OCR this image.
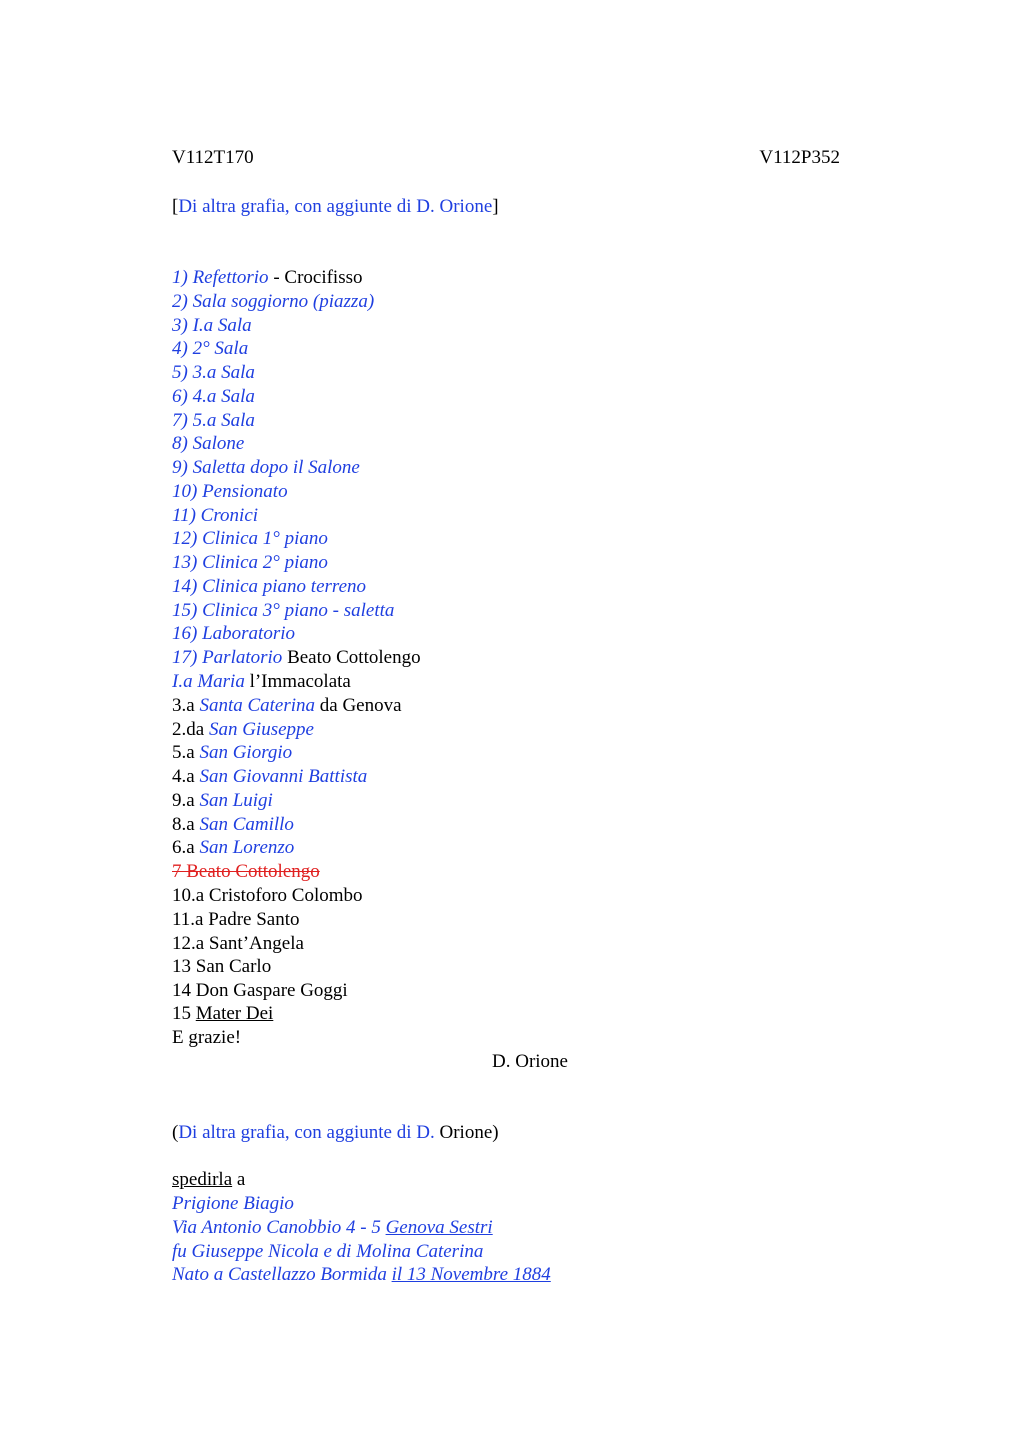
V112T170	V112P352
[Di altra grafia, con aggiunte di D. Orione]
1) Refettorio - Crocifisso
2) Sala soggiorno (piazza)
3) I.a Sala
4) 2° Sala
5) 3.a Sala
6) 4.a Sala
7) 5.a Sala
8) Salone
9) Saletta dopo il Salone
10) Pensionato
11) Cronici
12) Clinica 1° piano
13) Clinica 2° piano
14) Clinica piano terreno
15) Clinica 3° piano - saletta
16) Laboratorio
17) Parlatorio Beato Cottolengo
I.a Maria l’Immacolata
3.a Santa Caterina da Genova
2.da San Giuseppe
5.a San Giorgio
4.a San Giovanni Battista
9.a San Luigi
8.a San Camillo
6.a San Lorenzo
7 Beato Cottolengo
10.a Cristoforo Colombo
11.a Padre Santo
12.a Sant’Angela
13 San Carlo
14 Don Gaspare Goggi
15 Mater Dei
E grazie!
D. Orione
(Di altra grafia, con aggiunte di D. Orione)
spedirla a
Prigione Biagio
Via Antonio Canobbio 4 - 5 Genova Sestri
fu Giuseppe Nicola e di Molina Caterina
Nato a Castellazzo Bormida il 13 Novembre 1884
